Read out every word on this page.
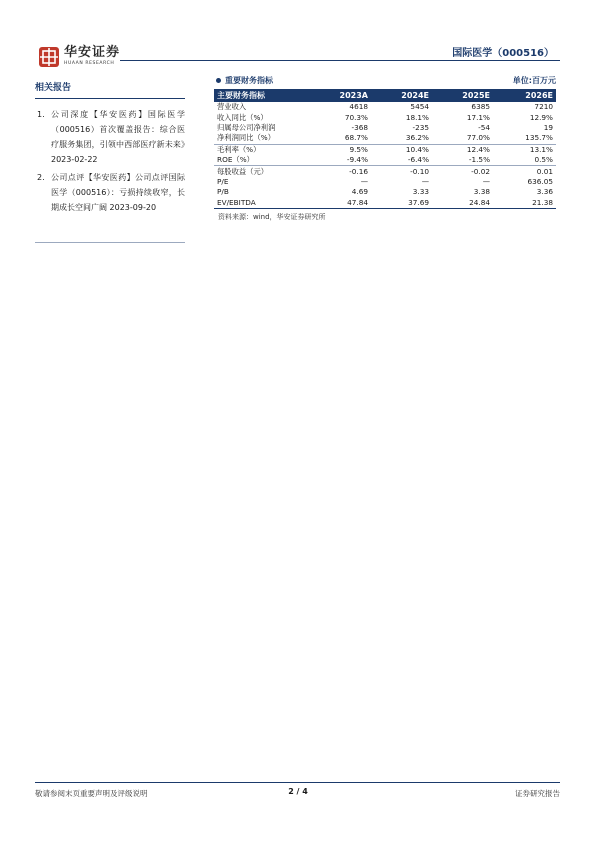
华安证券
HUAAN RESEARCH
国际医学（000516）
相关报告
1. 公司深度【华安医药】国际医学（000516）首次覆盖报告：综合医疗服务集团，引领中西部医疗新未来》2023-02-22
2. 公司点评【华安医药】公司点评国际医学（000516）：亏损持续收窄，长期成长空间广阔 2023-09-20
重要财务指标	单位:百万元
主要财务指标	2023A	2024E	2025E	2026E
营业收入	4618	5454	6385	7210
收入同比（%）	70.3%	18.1%	17.1%	12.9%
归属母公司净利润	-368	-235	-54	19
净利润同比（%）	68.7%	36.2%	77.0%	135.7%
毛利率（%）	9.5%	10.4%	12.4%	13.1%
ROE（%）	-9.4%	-6.4%	-1.5%	0.5%
每股收益（元）	-0.16	-0.10	-0.02	0.01
P/E	—	—	—	636.05
P/B	4.69	3.33	3.38	3.36
EV/EBITDA	47.84	37.69	24.84	21.38
资料来源：wind，华安证券研究所
敬请参阅末页重要声明及评级说明	2 / 4	证券研究报告
